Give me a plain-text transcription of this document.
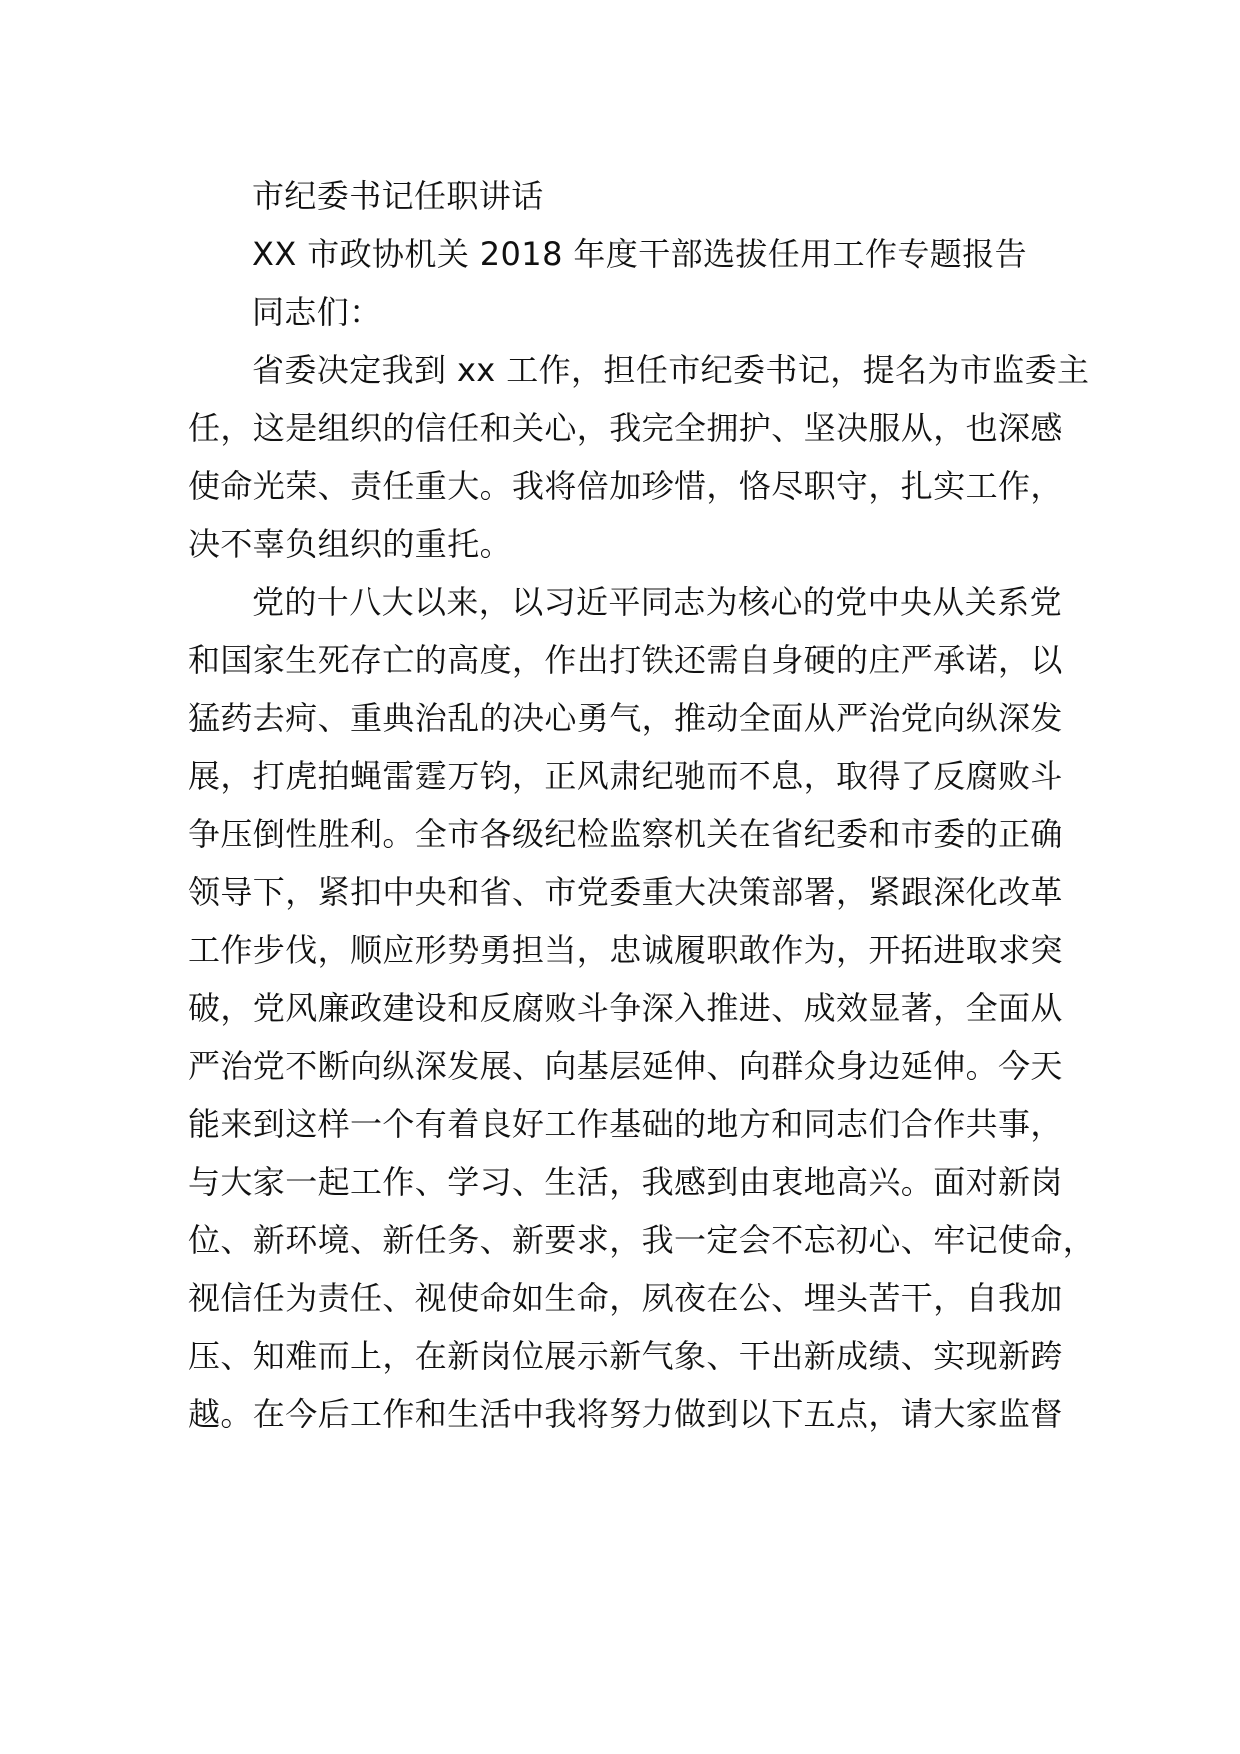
市纪委书记任职讲话
XX 市政协机关 2018 年度干部选拔任用工作专题报告
同志们：
省委决定我到 xx 工作，担任市纪委书记，提名为市监委主
任，这是组织的信任和关心，我完全拥护、坚决服从，也深感
使命光荣、责任重大。我将倍加珍惜，恪尽职守，扎实工作，
决不辜负组织的重托。
党的十八大以来，以习近平同志为核心的党中央从关系党
和国家生死存亡的高度，作出打铁还需自身硬的庄严承诺，以
猛药去疴、重典治乱的决心勇气，推动全面从严治党向纵深发
展，打虎拍蝇雷霆万钧，正风肃纪驰而不息，取得了反腐败斗
争压倒性胜利。全市各级纪检监察机关在省纪委和市委的正确
领导下，紧扣中央和省、市党委重大决策部署，紧跟深化改革
工作步伐，顺应形势勇担当，忠诚履职敢作为，开拓进取求突
破，党风廉政建设和反腐败斗争深入推进、成效显著，全面从
严治党不断向纵深发展、向基层延伸、向群众身边延伸。今天
能来到这样一个有着良好工作基础的地方和同志们合作共事，
与大家一起工作、学习、生活，我感到由衷地高兴。面对新岗
位、新环境、新任务、新要求，我一定会不忘初心、牢记使命，
视信任为责任、视使命如生命，夙夜在公、埋头苦干，自我加
压、知难而上，在新岗位展示新气象、干出新成绩、实现新跨
越。在今后工作和生活中我将努力做到以下五点，请大家监督
